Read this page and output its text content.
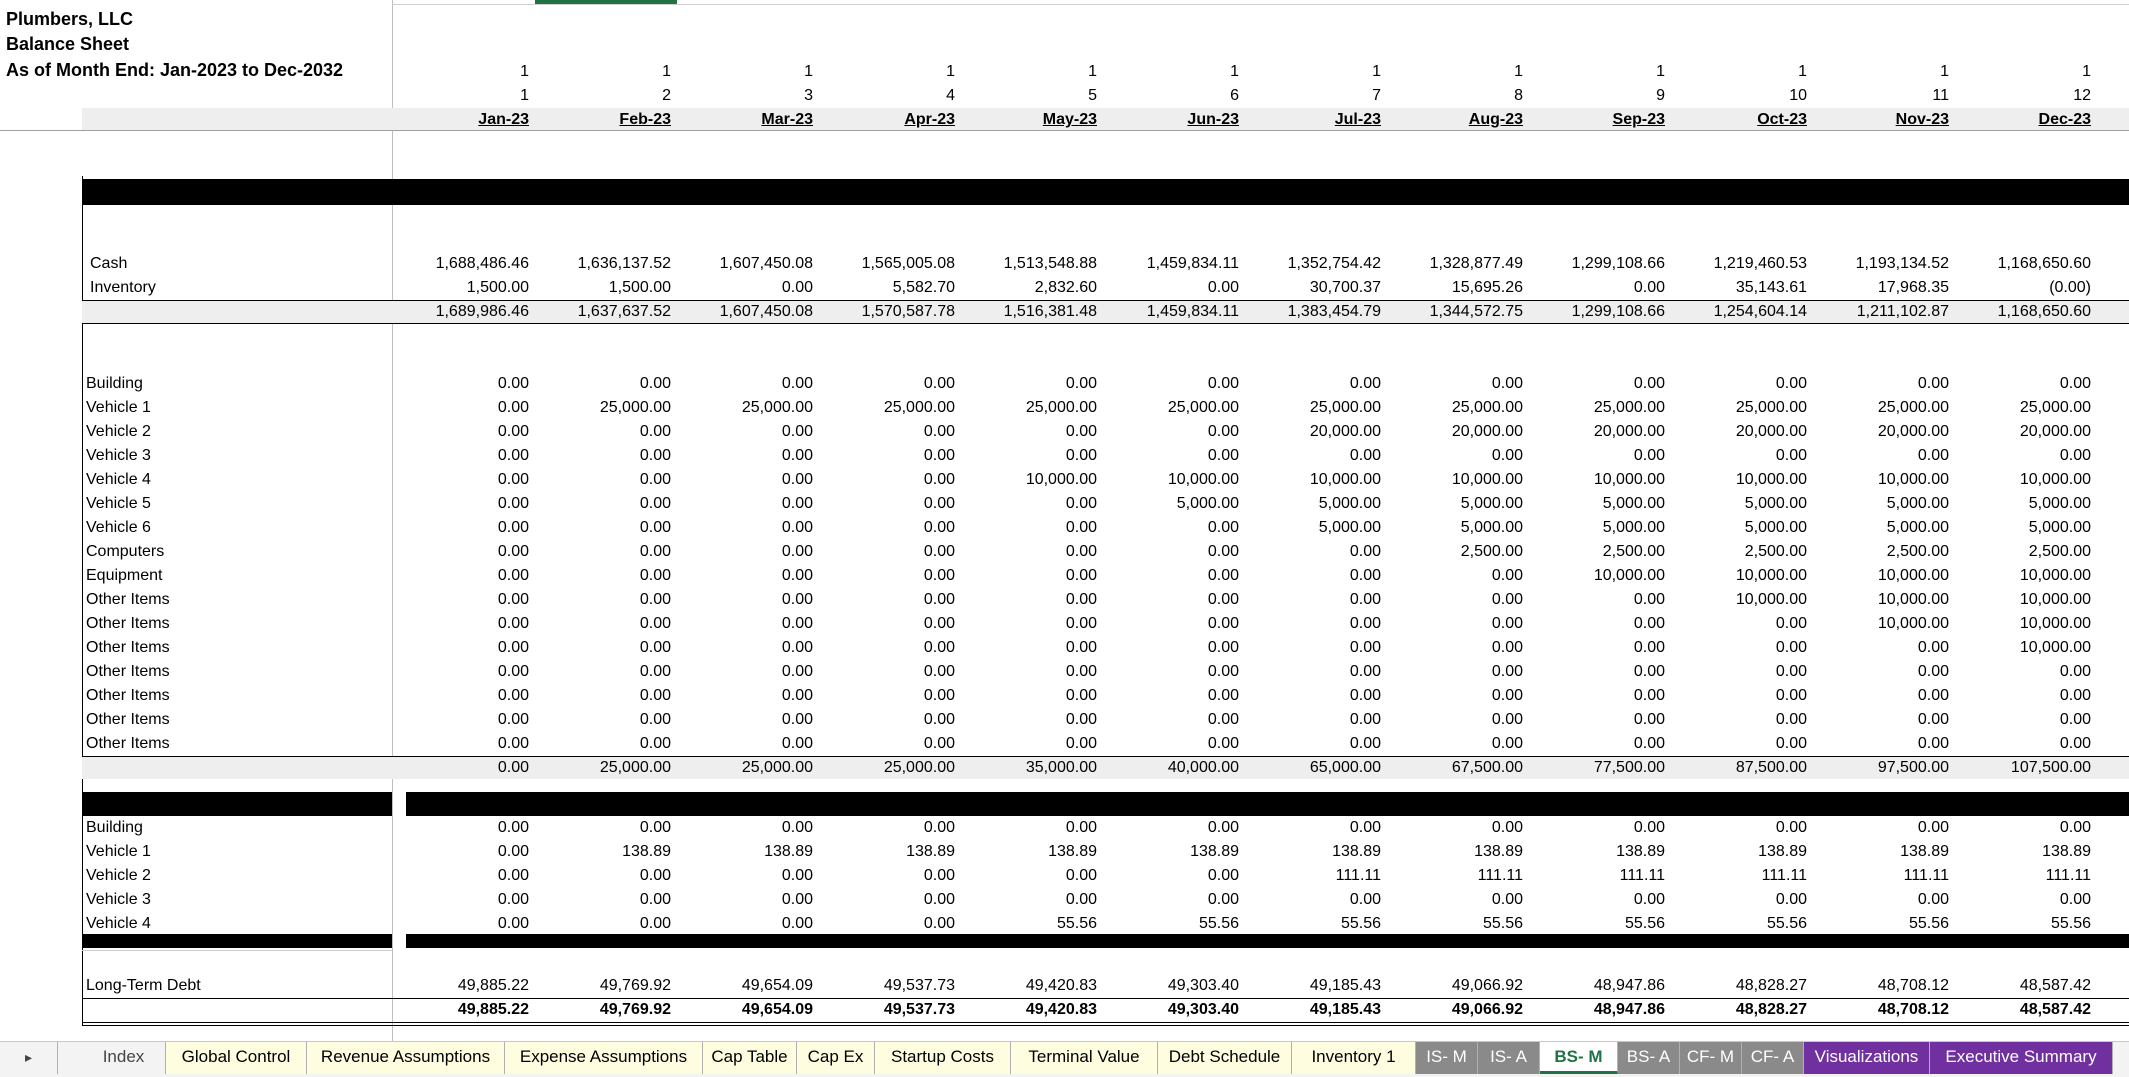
Plumbers, LLC
Balance Sheet
As of Month End: Jan-2023 to Dec-2032	1	1	1	1	1	1	1	1	1	1	1	1
1	2	3	4	5	6	7	8	9	10	11	12
Jan-23	Feb-23	Mar-23	Apr-23	May-23	Jun-23	Jul-23	Aug-23	Sep-23	Oct-23	Nov-23	Dec-23
Cash	1,688,486.46	1,636,137.52	1,607,450.08	1,565,005.08	1,513,548.88	1,459,834.11	1,352,754.42	1,328,877.49	1,299,108.66	1,219,460.53	1,193,134.52	1,168,650.60
Inventory	1,500.00	1,500.00	0.00	5,582.70	2,832.60	0.00	30,700.37	15,695.26	0.00	35,143.61	17,968.35	(0.00)
1,689,986.46	1,637,637.52	1,607,450.08	1,570,587.78	1,516,381.48	1,459,834.11	1,383,454.79	1,344,572.75	1,299,108.66	1,254,604.14	1,211,102.87	1,168,650.60
Building	0.00	0.00	0.00	0.00	0.00	0.00	0.00	0.00	0.00	0.00	0.00	0.00
Vehicle 1	0.00	25,000.00	25,000.00	25,000.00	25,000.00	25,000.00	25,000.00	25,000.00	25,000.00	25,000.00	25,000.00	25,000.00
Vehicle 2	0.00	0.00	0.00	0.00	0.00	0.00	20,000.00	20,000.00	20,000.00	20,000.00	20,000.00	20,000.00
Vehicle 3	0.00	0.00	0.00	0.00	0.00	0.00	0.00	0.00	0.00	0.00	0.00	0.00
Vehicle 4	0.00	0.00	0.00	0.00	10,000.00	10,000.00	10,000.00	10,000.00	10,000.00	10,000.00	10,000.00	10,000.00
Vehicle 5	0.00	0.00	0.00	0.00	0.00	5,000.00	5,000.00	5,000.00	5,000.00	5,000.00	5,000.00	5,000.00
Vehicle 6	0.00	0.00	0.00	0.00	0.00	0.00	5,000.00	5,000.00	5,000.00	5,000.00	5,000.00	5,000.00
Computers	0.00	0.00	0.00	0.00	0.00	0.00	0.00	2,500.00	2,500.00	2,500.00	2,500.00	2,500.00
Equipment	0.00	0.00	0.00	0.00	0.00	0.00	0.00	0.00	10,000.00	10,000.00	10,000.00	10,000.00
Other Items	0.00	0.00	0.00	0.00	0.00	0.00	0.00	0.00	0.00	10,000.00	10,000.00	10,000.00
Other Items	0.00	0.00	0.00	0.00	0.00	0.00	0.00	0.00	0.00	0.00	10,000.00	10,000.00
Other Items	0.00	0.00	0.00	0.00	0.00	0.00	0.00	0.00	0.00	0.00	0.00	10,000.00
Other Items	0.00	0.00	0.00	0.00	0.00	0.00	0.00	0.00	0.00	0.00	0.00	0.00
Other Items	0.00	0.00	0.00	0.00	0.00	0.00	0.00	0.00	0.00	0.00	0.00	0.00
Other Items	0.00	0.00	0.00	0.00	0.00	0.00	0.00	0.00	0.00	0.00	0.00	0.00
Other Items	0.00	0.00	0.00	0.00	0.00	0.00	0.00	0.00	0.00	0.00	0.00	0.00
0.00	25,000.00	25,000.00	25,000.00	35,000.00	40,000.00	65,000.00	67,500.00	77,500.00	87,500.00	97,500.00	107,500.00
Building	0.00	0.00	0.00	0.00	0.00	0.00	0.00	0.00	0.00	0.00	0.00	0.00
Vehicle 1	0.00	138.89	138.89	138.89	138.89	138.89	138.89	138.89	138.89	138.89	138.89	138.89
Vehicle 2	0.00	0.00	0.00	0.00	0.00	0.00	111.11	111.11	111.11	111.11	111.11	111.11
Vehicle 3	0.00	0.00	0.00	0.00	0.00	0.00	0.00	0.00	0.00	0.00	0.00	0.00
Vehicle 4	0.00	0.00	0.00	0.00	55.56	55.56	55.56	55.56	55.56	55.56	55.56	55.56
Long-Term Debt	49,885.22	49,769.92	49,654.09	49,537.73	49,420.83	49,303.40	49,185.43	49,066.92	48,947.86	48,828.27	48,708.12	48,587.42
49,885.22	49,769.92	49,654.09	49,537.73	49,420.83	49,303.40	49,185.43	49,066.92	48,947.86	48,828.27	48,708.12	48,587.42
▸	Index	Global Control	Revenue Assumptions	Expense Assumptions	Cap Table	Cap Ex	Startup Costs	Terminal Value	Debt Schedule	Inventory 1	IS- M	IS- A	BS- M	BS- A CF- M CF- A	Visualizations	Executive Summary
